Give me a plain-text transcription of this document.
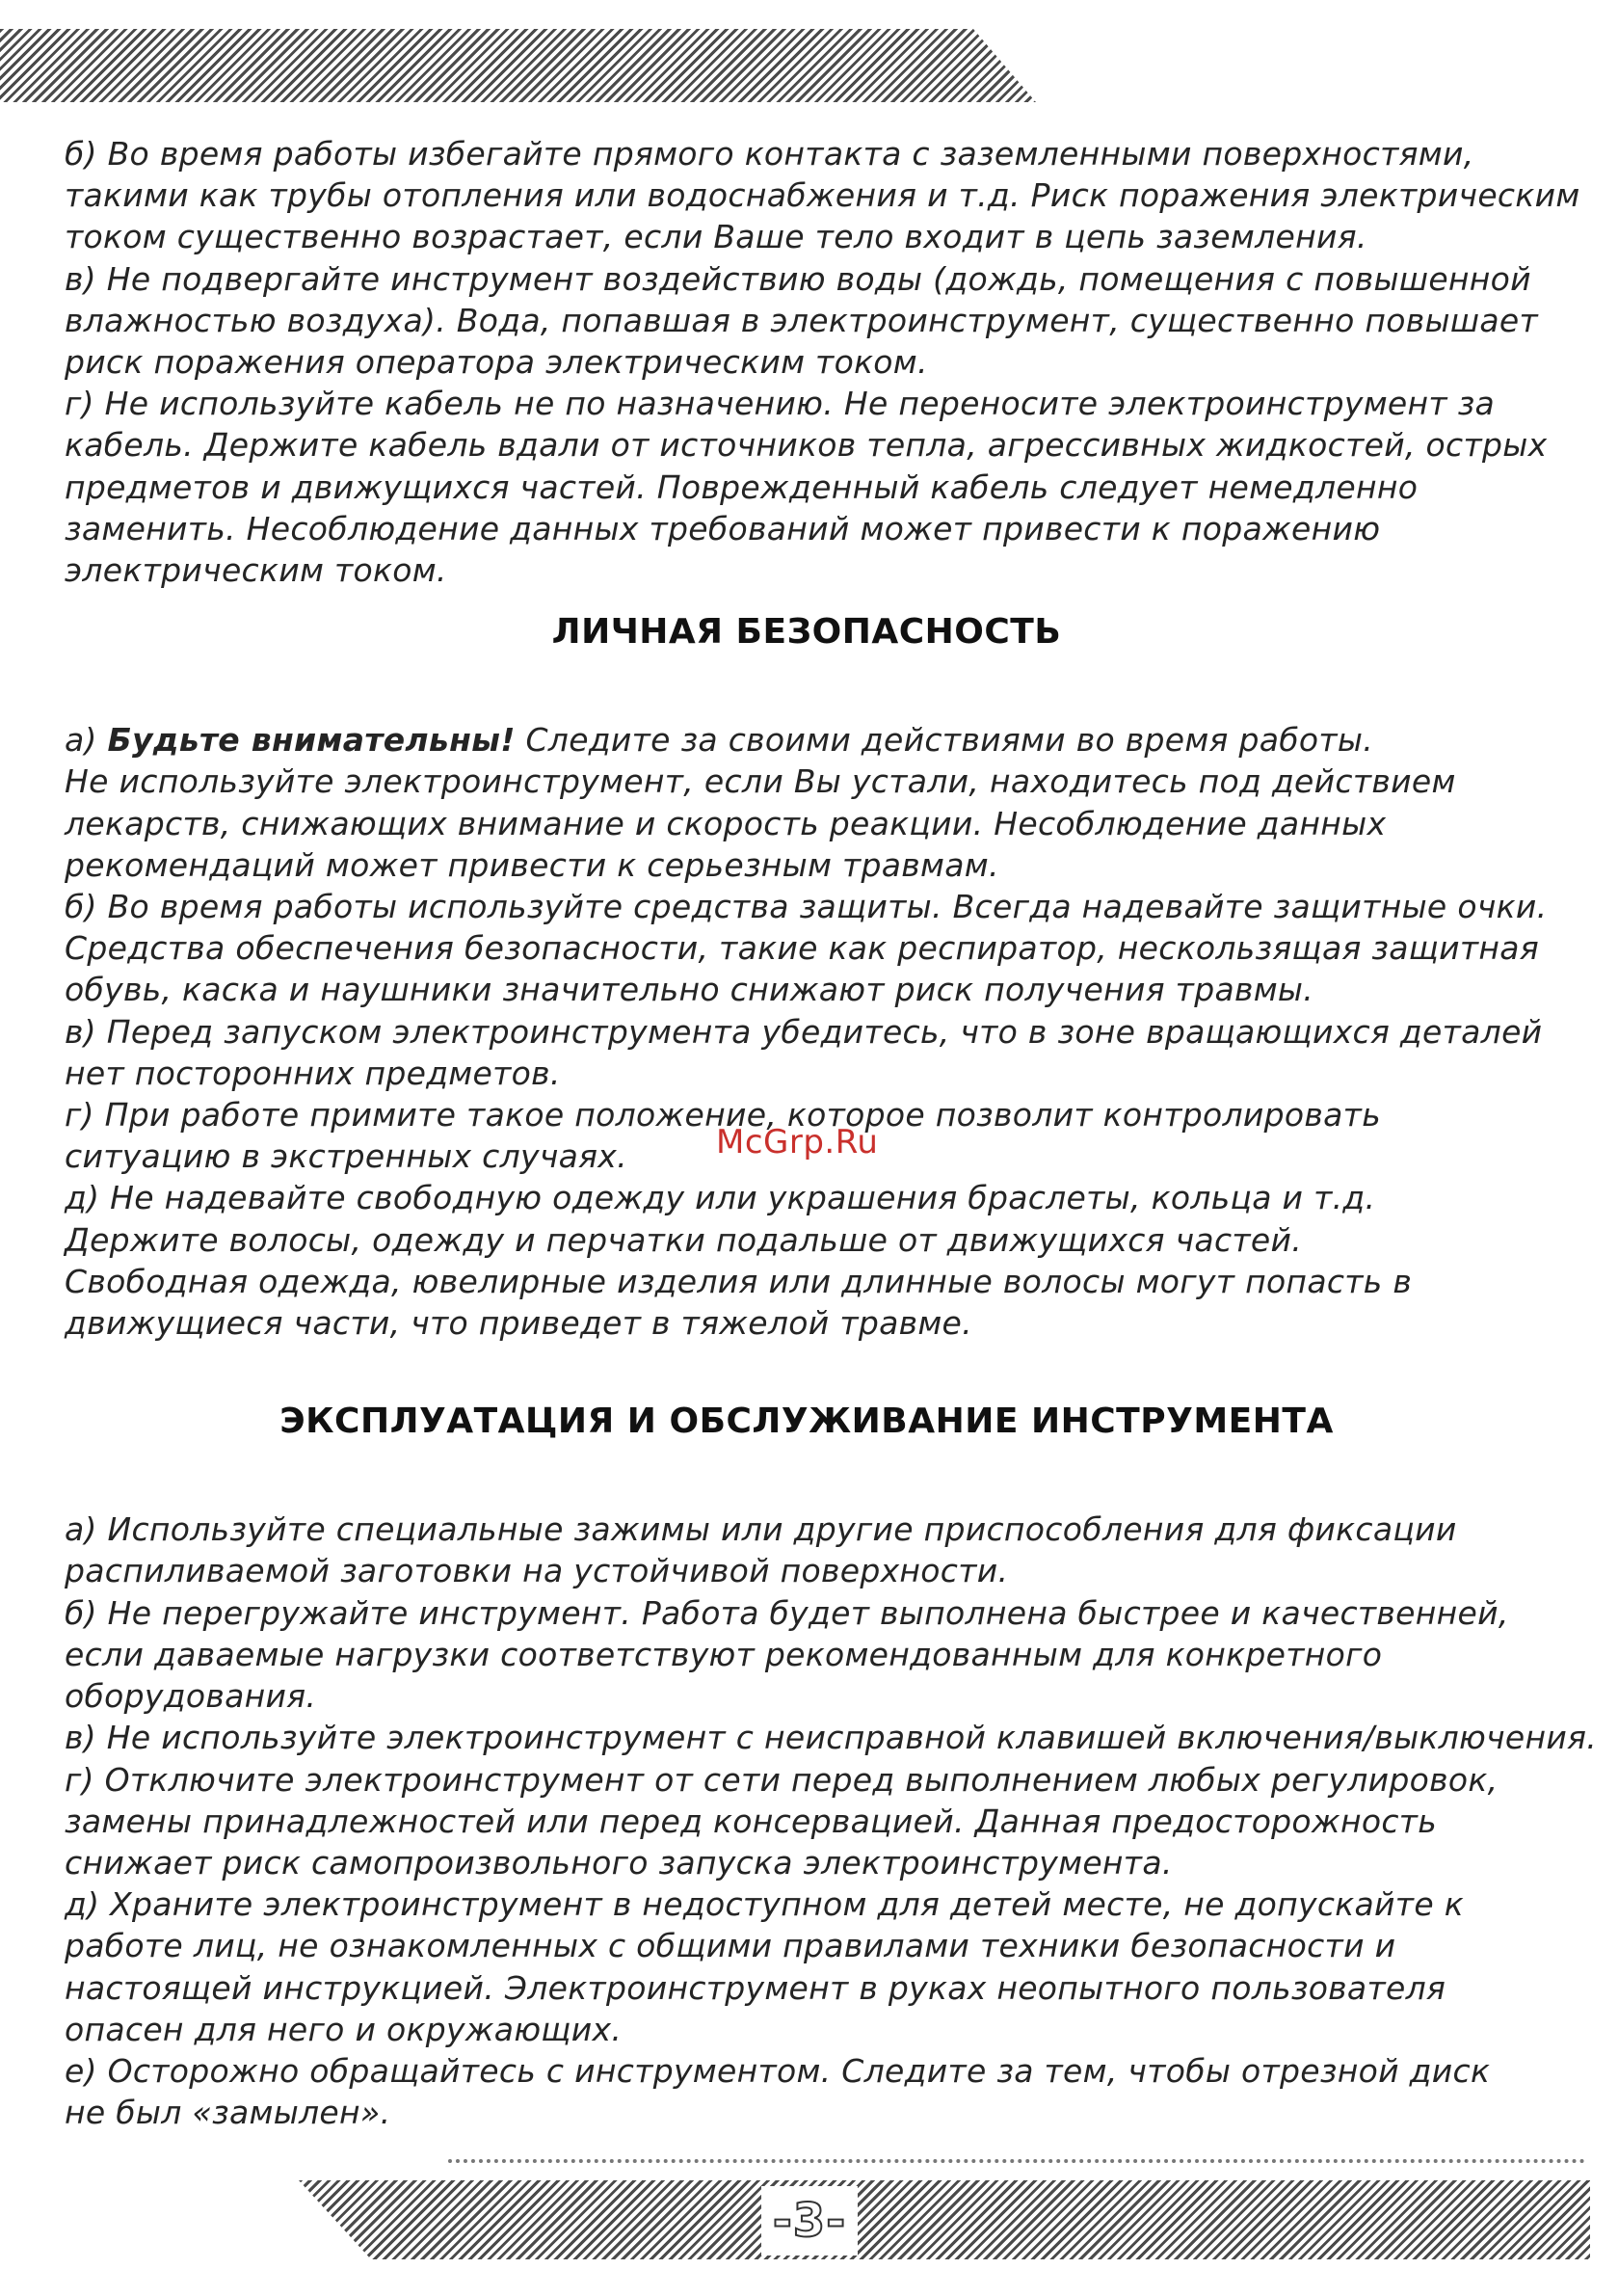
б) Во время работы избегайте прямого контакта с заземленными поверхностями,

такими как трубы отопления или водоснабжения и т.д. Риск поражения электрическим

током существенно возрастает, если Ваше тело входит в цепь заземления.

в) Не подвергайте инструмент воздействию воды (дождь, помещения с повышенной

влажностью воздуха). Вода, попавшая в электроинструмент, существенно повышает

риск поражения оператора электрическим током.

г) Не используйте кабель не по назначению. Не переносите электроинструмент за

кабель. Держите кабель вдали от источников тепла, агрессивных жидкостей, острых

предметов и движущихся частей. Поврежденный кабель следует немедленно

заменить. Несоблюдение данных требований может привести к поражению

электрическим током.

ЛИЧНАЯ БЕЗОПАСНОСТЬ

а) Будьте внимательны! Следите за своими действиями во время работы.

Не используйте электроинструмент, если Вы устали, находитесь под действием

лекарств, снижающих внимание и скорость реакции. Несоблюдение данных

рекомендаций может привести к серьезным травмам.

б) Во время работы используйте средства защиты. Всегда надевайте защитные очки.

Средства обеспечения безопасности, такие как респиратор, нескользящая защитная

обувь, каска и наушники значительно снижают риск получения травмы.

в) Перед запуском электроинструмента убедитесь, что в зоне вращающихся деталей

нет посторонних предметов.

г) При работе примите такое положение, которое позволит контролировать

ситуацию в экстренных случаях.

д) Не надевайте свободную одежду или украшения браслеты, кольца и т.д.

Держите волосы, одежду и перчатки подальше от движущихся частей.

Свободная одежда, ювелирные изделия или длинные волосы могут попасть в

движущиеся части, что приведет в тяжелой травме.

ЭКСПЛУАТАЦИЯ И ОБСЛУЖИВАНИЕ ИНСТРУМЕНТА

а) Используйте специальные зажимы или другие приспособления для фиксации

распиливаемой заготовки на устойчивой поверхности.

б) Не перегружайте инструмент. Работа будет выполнена быстрее и качественней,

если даваемые нагрузки соответствуют рекомендованным для конкретного

оборудования.

в) Не используйте электроинструмент с неисправной клавишей включения/выключения.

г) Отключите электроинструмент от сети перед выполнением любых регулировок,

замены принадлежностей или перед консервацией. Данная предосторожность

снижает риск самопроизвольного запуска электроинструмента.

д) Храните электроинструмент в недоступном для детей месте, не допускайте к

работе лиц, не ознакомленных с общими правилами техники безопасности и

настоящей инструкцией. Электроинструмент в руках неопытного пользователя

опасен для него и окружающих.

е) Осторожно обращайтесь с инструментом. Следите за тем, чтобы отрезной диск

не был «замылен».

McGrp.Ru
-3-
